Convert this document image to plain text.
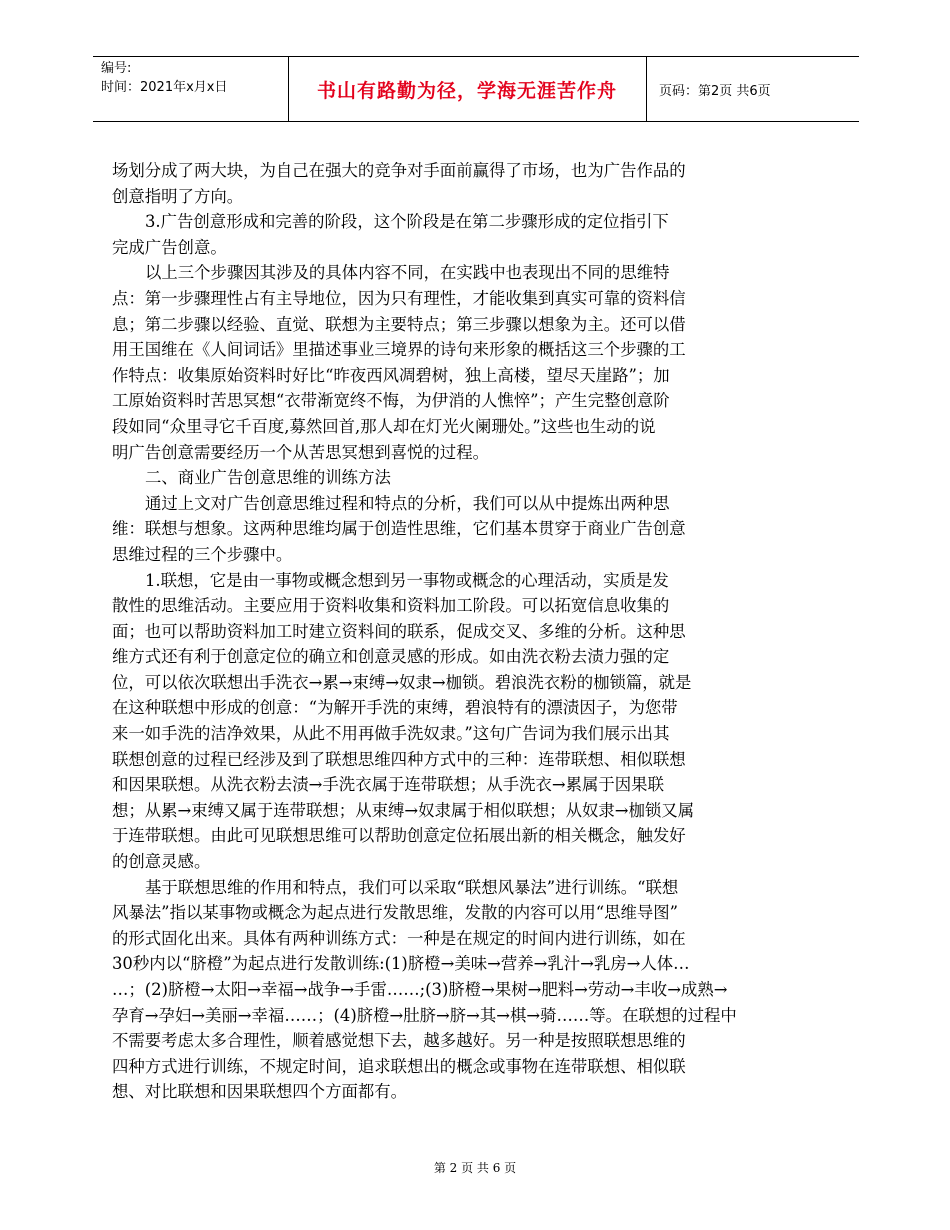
编号:
时间：2021年x月x日	书山有路勤为径，学海无涯苦作舟	页码：第2页 共6页
场划分成了两大块，为自己在强大的竞争对手面前赢得了市场，也为广告作品的
创意指明了方向。
3.广告创意形成和完善的阶段，这个阶段是在第二步骤形成的定位指引下
完成广告创意。
以上三个步骤因其涉及的具体内容不同，在实践中也表现出不同的思维特
点：第一步骤理性占有主导地位，因为只有理性，才能收集到真实可靠的资料信
息；第二步骤以经验、直觉、联想为主要特点；第三步骤以想象为主。还可以借
用王国维在《人间词话》里描述事业三境界的诗句来形象的概括这三个步骤的工
作特点：收集原始资料时好比“昨夜西风凋碧树，独上高楼，望尽天崖路”；加
工原始资料时苦思冥想“衣带渐宽终不悔，为伊消的人憔悴”；产生完整创意阶
段如同“众里寻它千百度,募然回首,那人却在灯光火阑珊处。”这些也生动的说
明广告创意需要经历一个从苦思冥想到喜悦的过程。
二、商业广告创意思维的训练方法
通过上文对广告创意思维过程和特点的分析，我们可以从中提炼出两种思
维：联想与想象。这两种思维均属于创造性思维，它们基本贯穿于商业广告创意
思维过程的三个步骤中。
1.联想，它是由一事物或概念想到另一事物或概念的心理活动，实质是发
散性的思维活动。主要应用于资料收集和资料加工阶段。可以拓宽信息收集的
面；也可以帮助资料加工时建立资料间的联系，促成交叉、多维的分析。这种思
维方式还有利于创意定位的确立和创意灵感的形成。如由洗衣粉去渍力强的定
位，可以依次联想出手洗衣→累→束缚→奴隶→枷锁。碧浪洗衣粉的枷锁篇，就是
在这种联想中形成的创意：“为解开手洗的束缚，碧浪特有的漂渍因子，为您带
来一如手洗的洁净效果，从此不用再做手洗奴隶。”这句广告词为我们展示出其
联想创意的过程已经涉及到了联想思维四种方式中的三种：连带联想、相似联想
和因果联想。从洗衣粉去渍→手洗衣属于连带联想；从手洗衣→累属于因果联
想；从累→束缚又属于连带联想；从束缚→奴隶属于相似联想；从奴隶→枷锁又属
于连带联想。由此可见联想思维可以帮助创意定位拓展出新的相关概念，触发好
的创意灵感。
基于联想思维的作用和特点，我们可以采取“联想风暴法”进行训练。“联想
风暴法”指以某事物或概念为起点进行发散思维，发散的内容可以用“思维导图”
的形式固化出来。具体有两种训练方式：一种是在规定的时间内进行训练，如在
30秒内以“脐橙”为起点进行发散训练:(1)脐橙→美味→营养→乳汁→乳房→人体…
…；(2)脐橙→太阳→幸福→战争→手雷……;(3)脐橙→果树→肥料→劳动→丰收→成熟→
孕育→孕妇→美丽→幸福……；(4)脐橙→肚脐→脐→其→棋→骑……等。在联想的过程中
不需要考虑太多合理性，顺着感觉想下去，越多越好。另一种是按照联想思维的
四种方式进行训练，不规定时间，追求联想出的概念或事物在连带联想、相似联
想、对比联想和因果联想四个方面都有。
第 2 页 共 6 页
